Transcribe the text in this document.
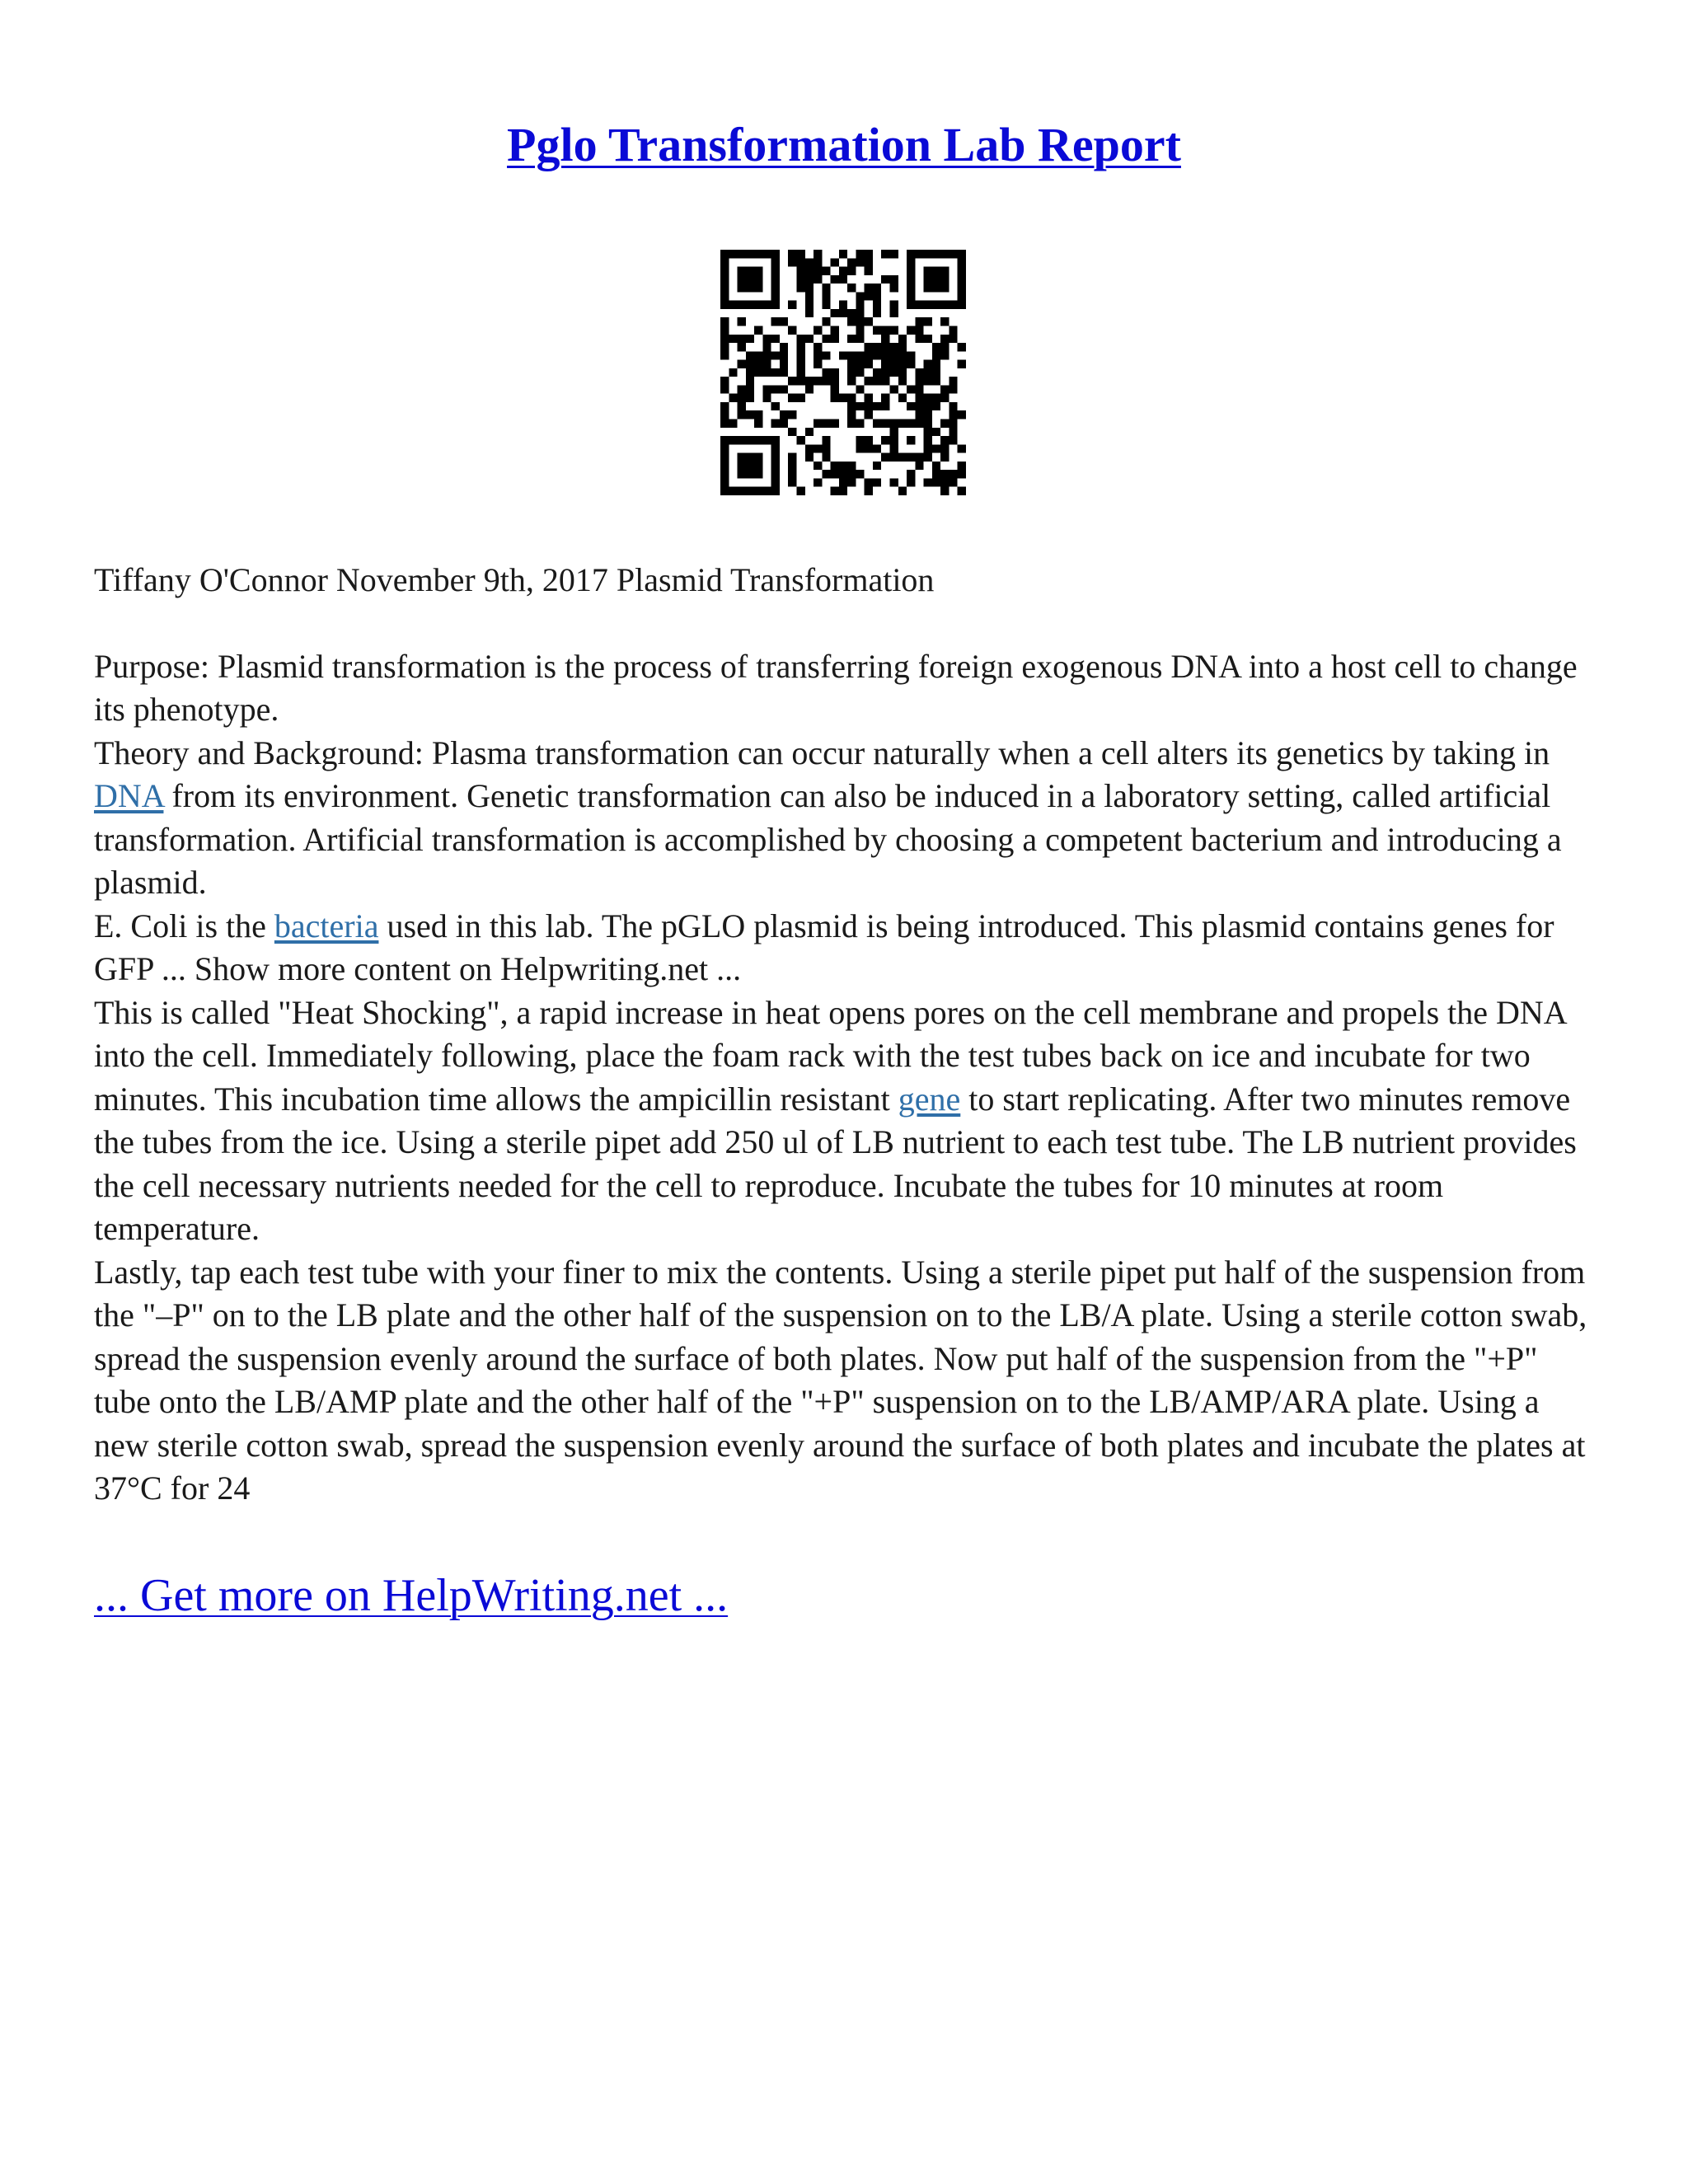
Pglo Transformation Lab Report

Tiffany O'Connor November 9th, 2017 Plasmid Transformation

Purpose: Plasmid transformation is the process of transferring foreign exogenous DNA into a host cell to change its phenotype.

Theory and Background: Plasma transformation can occur naturally when a cell alters its genetics by taking in DNA from its environment. Genetic transformation can also be induced in a laboratory setting, called artificial transformation. Artificial transformation is accomplished by choosing a competent bacterium and introducing a plasmid.

E. Coli is the bacteria used in this lab. The pGLO plasmid is being introduced. This plasmid contains genes for GFP ... Show more content on Helpwriting.net ...

This is called "Heat Shocking", a rapid increase in heat opens pores on the cell membrane and propels the DNA into the cell. Immediately following, place the foam rack with the test tubes back on ice and incubate for two minutes. This incubation time allows the ampicillin resistant gene to start replicating. After two minutes remove the tubes from the ice. Using a sterile pipet add 250 ul of LB nutrient to each test tube. The LB nutrient provides the cell necessary nutrients needed for the cell to reproduce. Incubate the tubes for 10 minutes at room temperature.

Lastly, tap each test tube with your finer to mix the contents. Using a sterile pipet put half of the suspension from the "–P" on to the LB plate and the other half of the suspension on to the LB/A plate. Using a sterile cotton swab, spread the suspension evenly around the surface of both plates. Now put half of the suspension from the "+P" tube onto the LB/AMP plate and the other half of the "+P" suspension on to the LB/AMP/ARA plate. Using a new sterile cotton swab, spread the suspension evenly around the surface of both plates and incubate the plates at 37°C for 24

... Get more on HelpWriting.net ...
